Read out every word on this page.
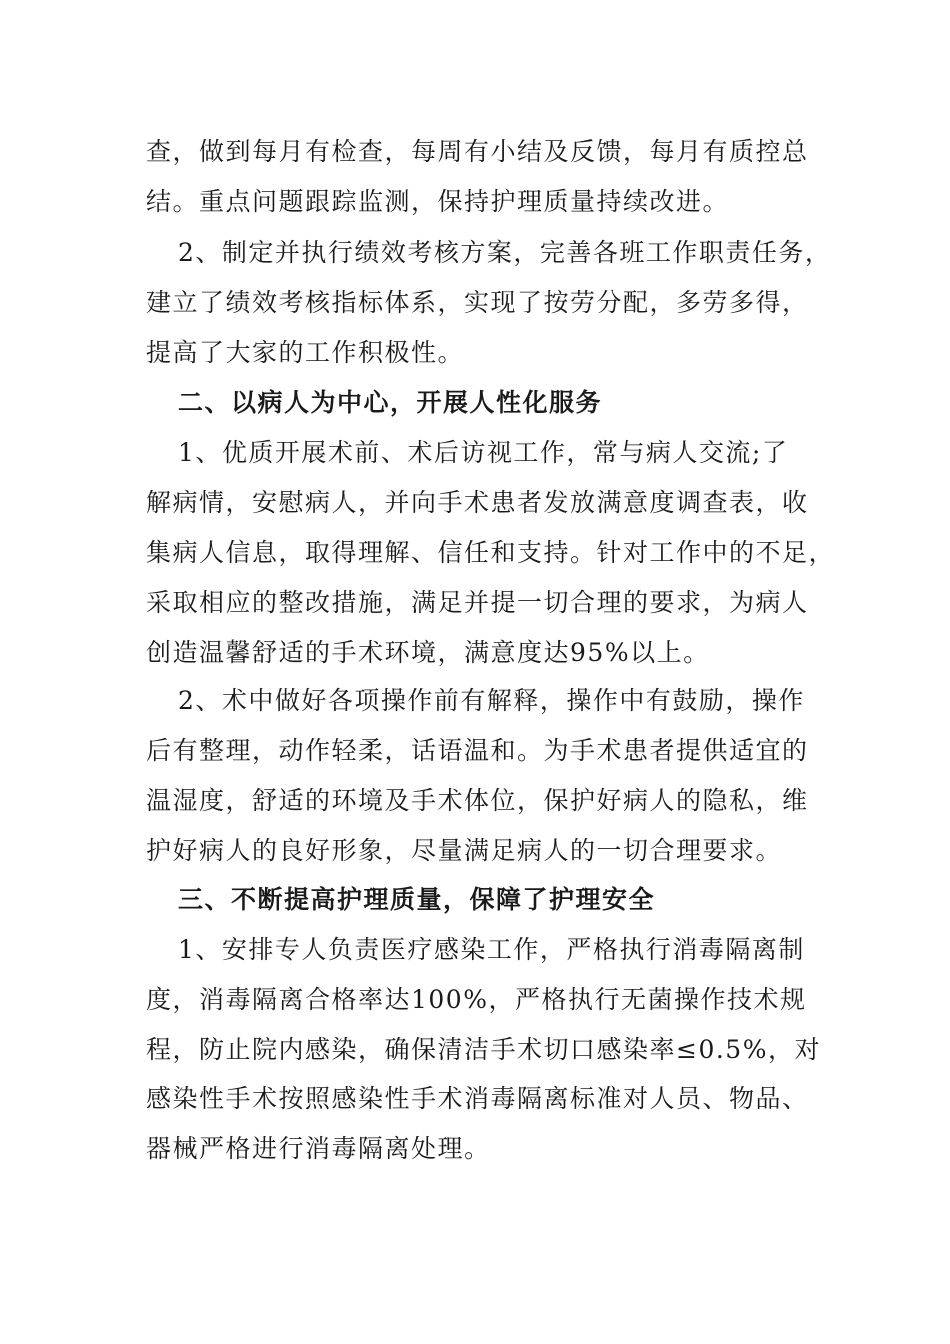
查，做到每月有检查，每周有小结及反馈，每月有质控总
结。重点问题跟踪监测，保持护理质量持续改进。
2、制定并执行绩效考核方案，完善各班工作职责任务，
建立了绩效考核指标体系，实现了按劳分配，多劳多得，
提高了大家的工作积极性。
二、以病人为中心，开展人性化服务
1、优质开展术前、术后访视工作，常与病人交流;了
解病情，安慰病人，并向手术患者发放满意度调查表，收
集病人信息，取得理解、信任和支持。针对工作中的不足，
采取相应的整改措施，满足并提一切合理的要求，为病人
创造温馨舒适的手术环境，满意度达95%以上。
2、术中做好各项操作前有解释，操作中有鼓励，操作
后有整理，动作轻柔，话语温和。为手术患者提供适宜的
温湿度，舒适的环境及手术体位，保护好病人的隐私，维
护好病人的良好形象，尽量满足病人的一切合理要求。
三、不断提高护理质量，保障了护理安全
1、安排专人负责医疗感染工作，严格执行消毒隔离制
度，消毒隔离合格率达100%，严格执行无菌操作技术规
程，防止院内感染，确保清洁手术切口感染率≤0.5%，对
感染性手术按照感染性手术消毒隔离标准对人员、物品、
器械严格进行消毒隔离处理。
